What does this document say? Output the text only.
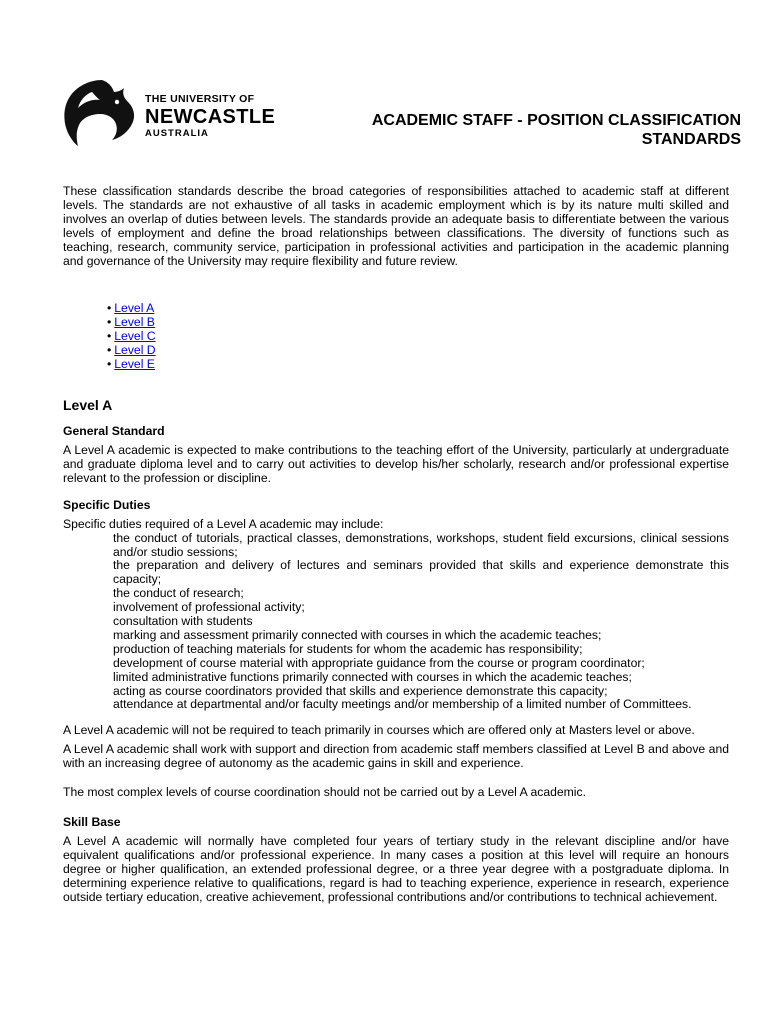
THE UNIVERSITY OF
NEWCASTLE
AUSTRALIA
ACADEMIC STAFF - POSITION CLASSIFICATION
STANDARDS

These classification standards describe the broad categories of responsibilities attached to academic staff at different levels. The standards are not exhaustive of all tasks in academic employment which is by its nature multi skilled and involves an overlap of duties between levels. The standards provide an adequate basis to differentiate between the various levels of employment and define the broad relationships between classifications. The diversity of functions such as teaching, research, community service, participation in professional activities and participation in the academic planning and governance of the University may require flexibility and future review.

• Level A
• Level B
• Level C
• Level D
• Level E
Level A
General Standard

A Level A academic is expected to make contributions to the teaching effort of the University, particularly at undergraduate and graduate diploma level and to carry out activities to develop his/her scholarly, research and/or professional expertise relevant to the profession or discipline.

Specific Duties

Specific duties required of a Level A academic may include:

the conduct of tutorials, practical classes, demonstrations, workshops, student field excursions, clinical sessions and/or studio sessions;
the preparation and delivery of lectures and seminars provided that skills and experience demonstrate this capacity;
the conduct of research;
involvement of professional activity;
consultation with students
marking and assessment primarily connected with courses in which the academic teaches;
production of teaching materials for students for whom the academic has responsibility;
development of course material with appropriate guidance from the course or program coordinator;
limited administrative functions primarily connected with courses in which the academic teaches;
acting as course coordinators provided that skills and experience demonstrate this capacity;
attendance at departmental and/or faculty meetings and/or membership of a limited number of Committees.

A Level A academic will not be required to teach primarily in courses which are offered only at Masters level or above.

A Level A academic shall work with support and direction from academic staff members classified at Level B and above and with an increasing degree of autonomy as the academic gains in skill and experience.

The most complex levels of course coordination should not be carried out by a Level A academic.

Skill Base

A Level A academic will normally have completed four years of tertiary study in the relevant discipline and/or have equivalent qualifications and/or professional experience. In many cases a position at this level will require an honours degree or higher qualification, an extended professional degree, or a three year degree with a postgraduate diploma. In determining experience relative to qualifications, regard is had to teaching experience, experience in research, experience outside tertiary education, creative achievement, professional contributions and/or contributions to technical achievement.
